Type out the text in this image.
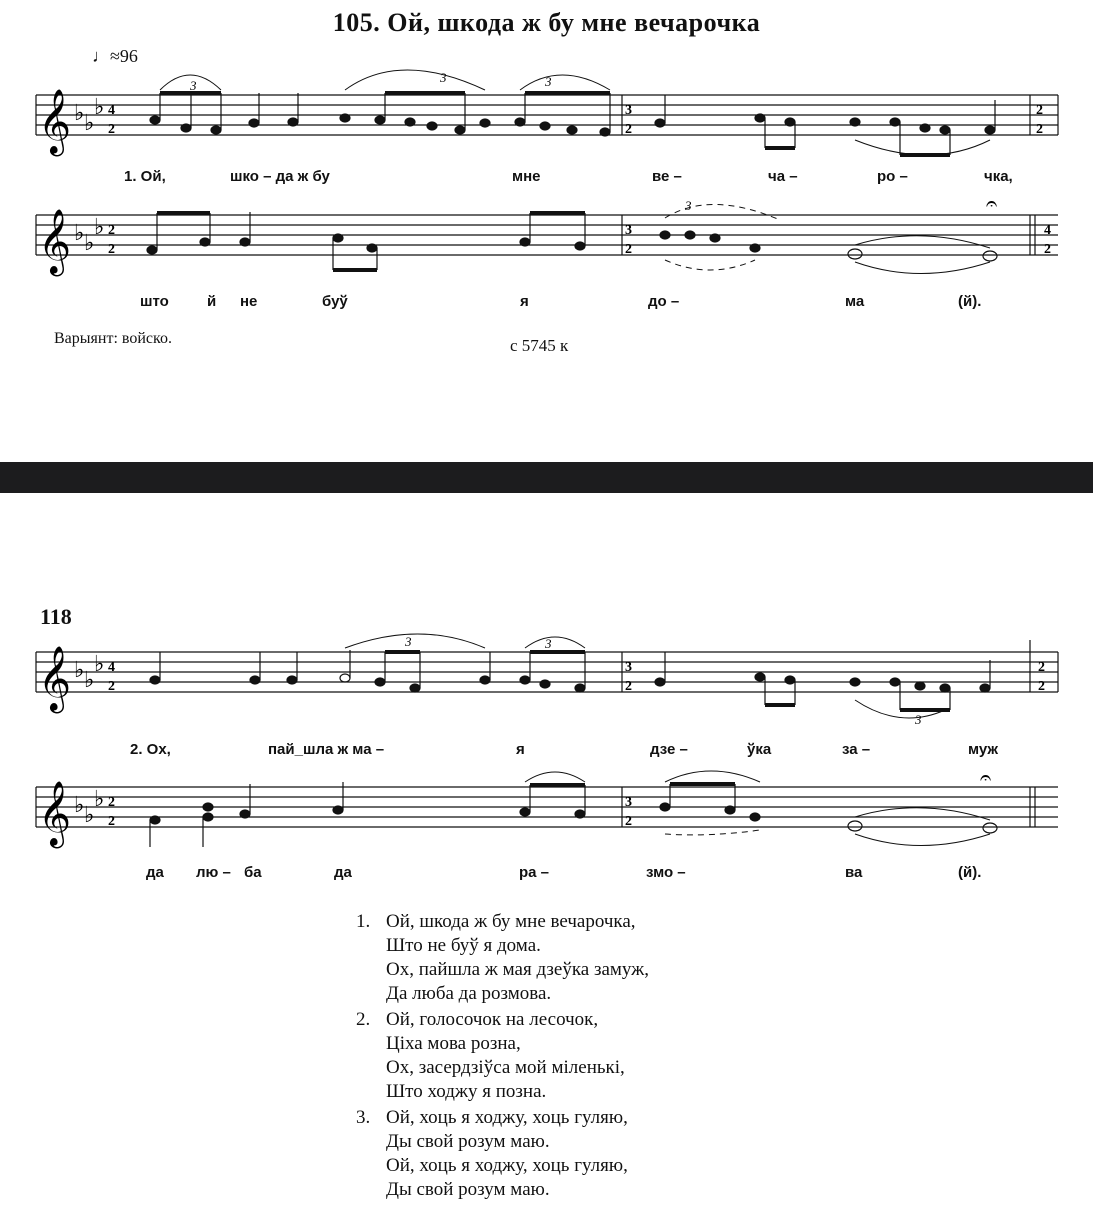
105. Ой, шкода ж бу мне вечарочка
♩≈96
𝄞 ♭ ♭
♭ 4
2
3
2
2
2
3
3	3
1. Ой,	шко – да ж бу	мне	ве –	ча –	ро –	чка,
𝄞 ♭ ♭
♭ 2
2
3
2
4
2
3	𝄐
што	й не	буў	я	до –	ма	(й).
Варыянт: войско.	c 5745 к
118
𝄞 ♭ ♭
♭ 4
2
3
2
2
2
3	3
3
2. Ох,	пай_шла ж ма –	я	дзе –	ўка	за –	муж
𝄞 ♭ ♭
♭ 2
2
3
2
𝄐
да лю – ба	да	ра –	змо –	ва	(й).
1. Ой, шкода ж бу мне вечарочка,
Што не буў я дома.
Ох, пайшла ж мая дзеўка замуж,
Да люба да розмова.
2. Ой, голосочок на лесочок,
Ціха мова розна,
Ох, засердзіўса мой міленькі,
Што ходжу я позна.
3. Ой, хоць я ходжу, хоць гуляю,
Ды свой розум маю.
Ой, хоць я ходжу, хоць гуляю,
Ды свой розум маю.
